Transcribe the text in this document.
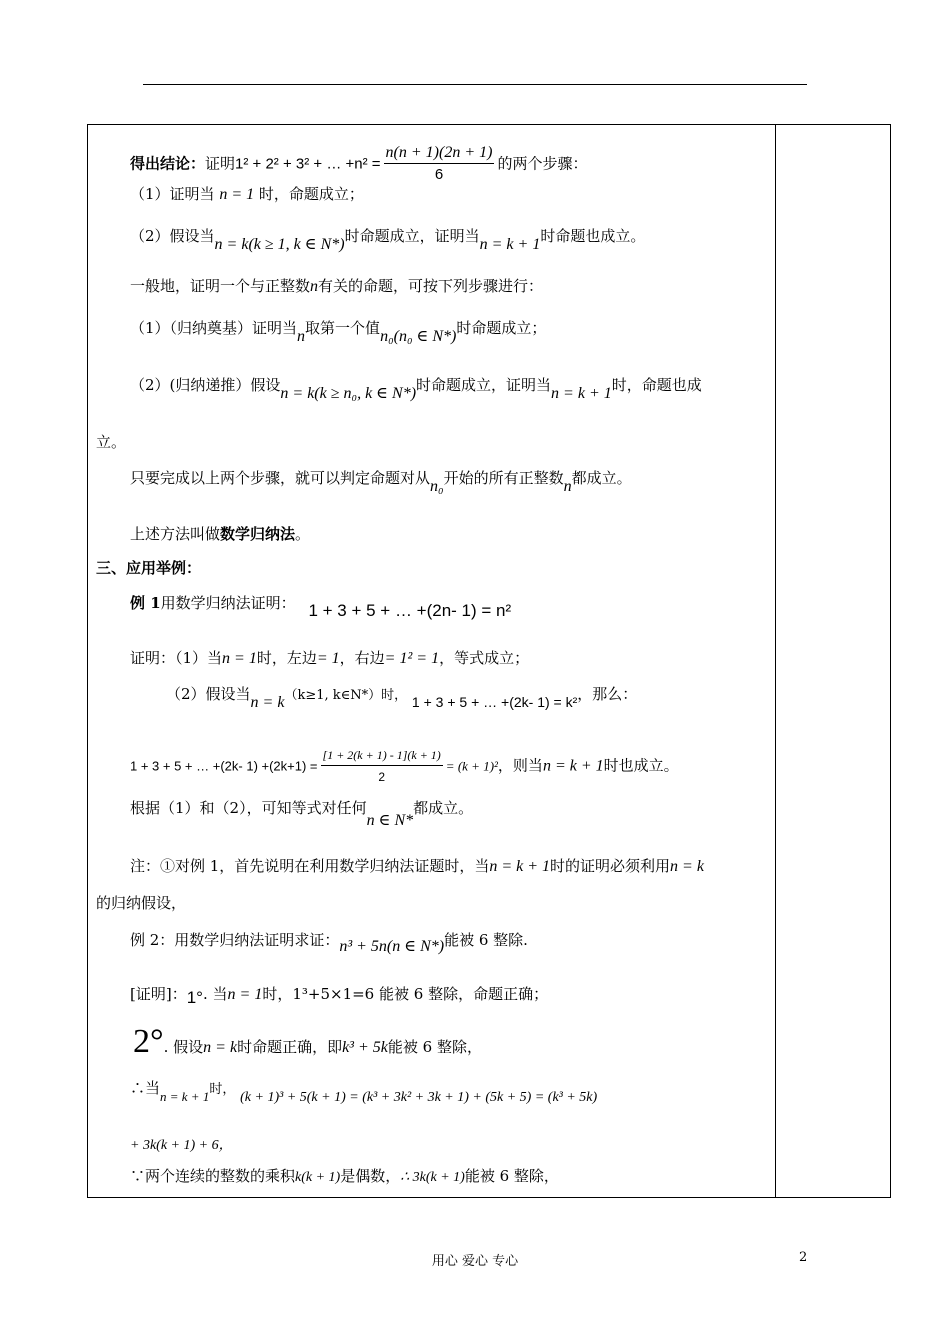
得出结论：证明1² + 2² + 3² + … $+n^2 = \frac{n(n + 1)(2n + 1)}{6}$ 的两个步骤：
（1）证明当 n = 1 时，命题成立；
（2）假设当n = k(k ≥ 1, k ∈ N*)时命题成立，证明当n = k + 1时命题也成立。
一般地，证明一个与正整数n有关的命题，可按下列步骤进行：
（1）（归纳奠基）证明当n取第一个值n₀(n₀ ∈ N*)时命题成立；
（2）(归纳递推）假设n = k(k ≥ n₀, k ∈ N*)时命题成立，证明当n = k + 1时，命题也成
立。
只要完成以上两个步骤，就可以判定命题对从n₀开始的所有正整数n都成立。
上述方法叫做数学归纳法。
三、应用举例：
例 1用数学归纳法证明： 1 + 3 + 5 + … +(2n- 1) = n²
证明：（1）当n = 1时，左边= 1，右边= 1² = 1，等式成立；
（2）假设当n = k（k≥1, k∈N*）时， 1 + 3 + 5 + … +(2k- 1) = k²，那么：
1 + 3 + 5 + … +(2k- $1) +(2k+1) = \frac{[1 + 2(k + 1) - 1](k + 1)}{2} = (k + 1)^2$，则当n = k + 1时也成立。
根据（1）和（2），可知等式对任何n ∈ N*都成立。
注：①对例 1，首先说明在利用数学归纳法证题时，当n = k + 1时的证明必须利用n = k
的归纳假设，
例 2：用数学归纳法证明求证：n³ + 5n(n ∈ N*)能被 6 整除.
[证明]：1°. 当n = 1时，1³+5×1=6 能被 6 整除，命题正确；
2°. 假设n = k时命题正确，即k³ + 5k能被 6 整除，
∴当n = k + 1时， (k + 1)³ + 5(k + 1) = (k³ + 3k² + 3k + 1) + (5k + 5) = (k³ + 5k)
+ 3k(k + 1) + 6，
∵两个连续的整数的乘积k(k + 1)是偶数，∴ 3k(k + 1)能被 6 整除，
用心 爱心 专心	2
